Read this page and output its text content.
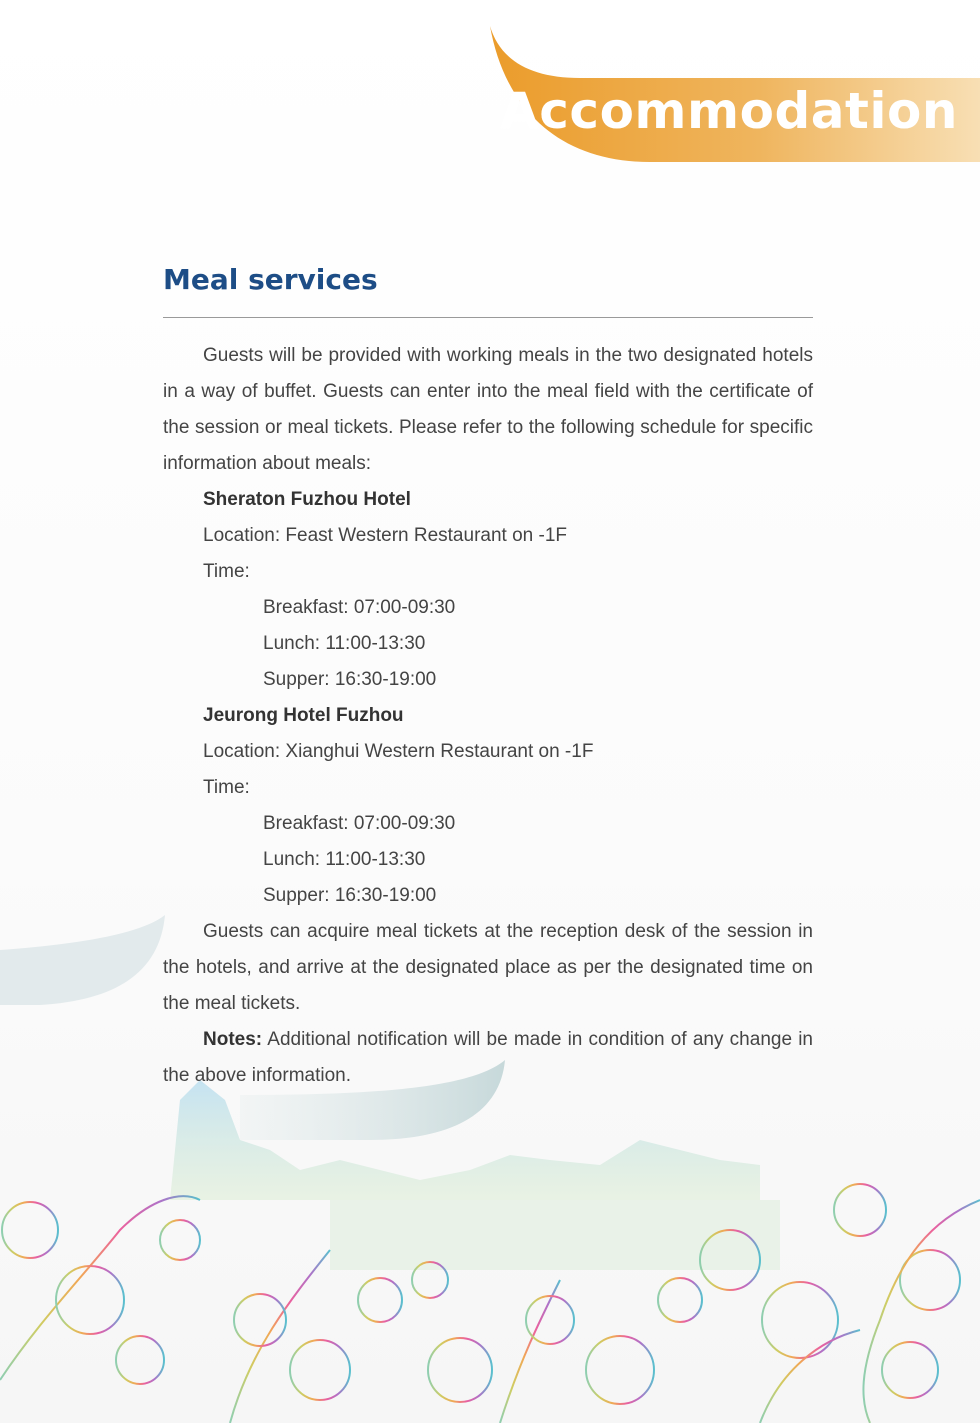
Accommodation
Meal services

Guests will be provided with working meals in the two designated hotels in a way of buffet. Guests can enter into the meal field with the certificate of the session or meal tickets. Please refer to the following schedule for specific information about meals:

Sheraton Fuzhou Hotel

Location: Feast Western Restaurant on -1F

Time:

Breakfast: 07:00-09:30

Lunch: 11:00-13:30

Supper: 16:30-19:00

Jeurong Hotel Fuzhou

Location: Xianghui Western Restaurant on -1F

Time:

Breakfast: 07:00-09:30

Lunch: 11:00-13:30

Supper: 16:30-19:00

Guests can acquire meal tickets at the reception desk of the session in the hotels, and arrive at the designated place as per the designated time on the meal tickets.

Notes: Additional notification will be made in condition of any change in the above information.
